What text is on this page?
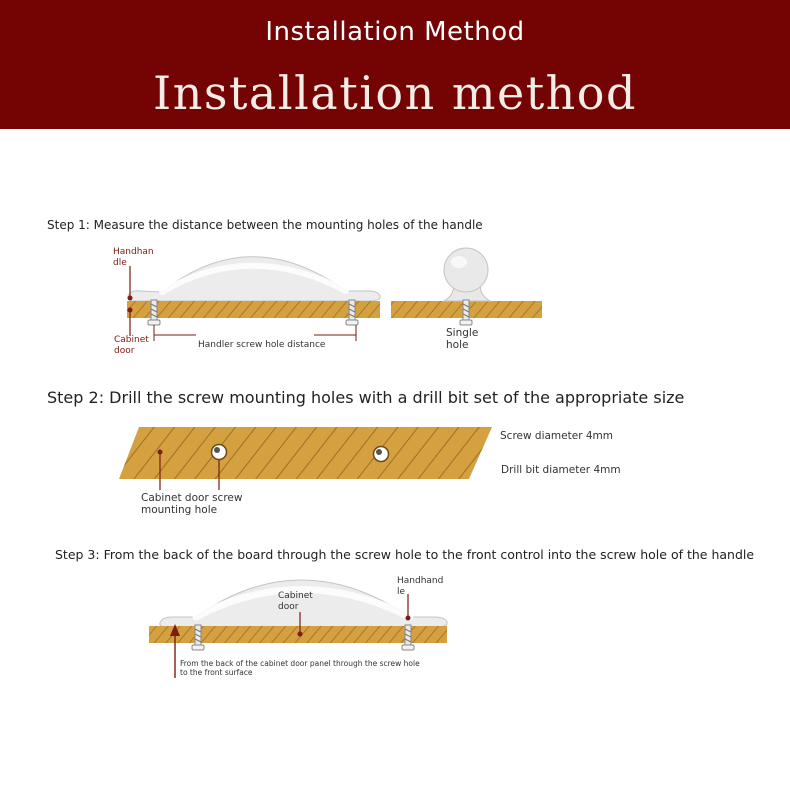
Installation Method
Installation method
Step 1: Measure the distance between the mounting holes of the handle
Step 2: Drill the screw mounting holes with a drill bit set of the appropriate size
Step 3: From the back of the board through the screw hole to the front control into the screw hole of the handle
Handhan dle
Cabinet door
Handler screw hole distance
Single hole
Screw diameter 4mm
Drill bit diameter 4mm
Cabinet door screw mounting hole
Handhand le
Cabinet door
From the back of the cabinet door panel through the screw hole to the front surface
